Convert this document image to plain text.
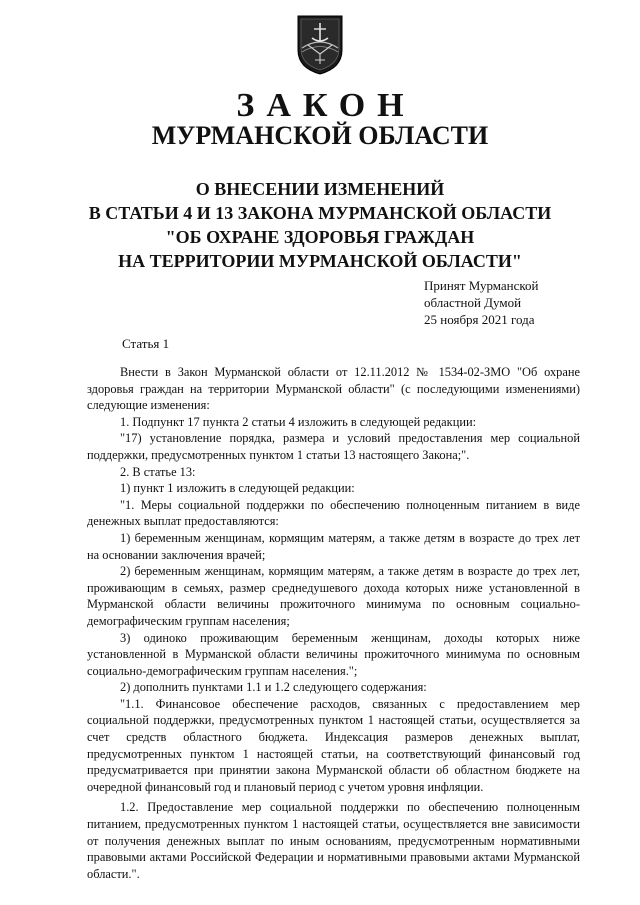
ЗАКОН
МУРМАНСКОЙ ОБЛАСТИ
О ВНЕСЕНИИ ИЗМЕНЕНИЙ
В СТАТЬИ 4 И 13 ЗАКОНА МУРМАНСКОЙ ОБЛАСТИ
"ОБ ОХРАНЕ ЗДОРОВЬЯ ГРАЖДАН
НА ТЕРРИТОРИИ МУРМАНСКОЙ ОБЛАСТИ"
Принят Мурманской
областной Думой
25 ноября 2021 года
Статья 1

Внести в Закон Мурманской области от 12.11.2012 № 1534-02-ЗМО "Об охране здоровья граждан на территории Мурманской области" (с последующими изменениями) следующие изменения:

1. Подпункт 17 пункта 2 статьи 4 изложить в следующей редакции:

"17) установление порядка, размера и условий предоставления мер социальной поддержки, предусмотренных пунктом 1 статьи 13 настоящего Закона;".

2. В статье 13:

1) пункт 1 изложить в следующей редакции:

"1. Меры социальной поддержки по обеспечению полноценным питанием в виде денежных выплат предоставляются:

1) беременным женщинам, кормящим матерям, а также детям в возрасте до трех лет на основании заключения врачей;

2) беременным женщинам, кормящим матерям, а также детям в возрасте до трех лет, проживающим в семьях, размер среднедушевого дохода которых ниже установленной в Мурманской области величины прожиточного минимума по основным социально-демографическим группам населения;

3) одиноко проживающим беременным женщинам, доходы которых ниже установленной в Мурманской области величины прожиточного минимума по основным социально-демографическим группам населения.";

2) дополнить пунктами 1.1 и 1.2 следующего содержания:

"1.1. Финансовое обеспечение расходов, связанных с предоставлением мер социальной поддержки, предусмотренных пунктом 1 настоящей статьи, осуществляется за счет средств областного бюджета. Индексация размеров денежных выплат, предусмотренных пунктом 1 настоящей статьи, на соответствующий финансовый год предусматривается при принятии закона Мурманской области об областном бюджете на очередной финансовый год и плановый период с учетом уровня инфляции.

1.2. Предоставление мер социальной поддержки по обеспечению полноценным питанием, предусмотренных пунктом 1 настоящей статьи, осуществляется вне зависимости от получения денежных выплат по иным основаниям, предусмотренным нормативными правовыми актами Российской Федерации и нормативными правовыми актами Мурманской области.".
